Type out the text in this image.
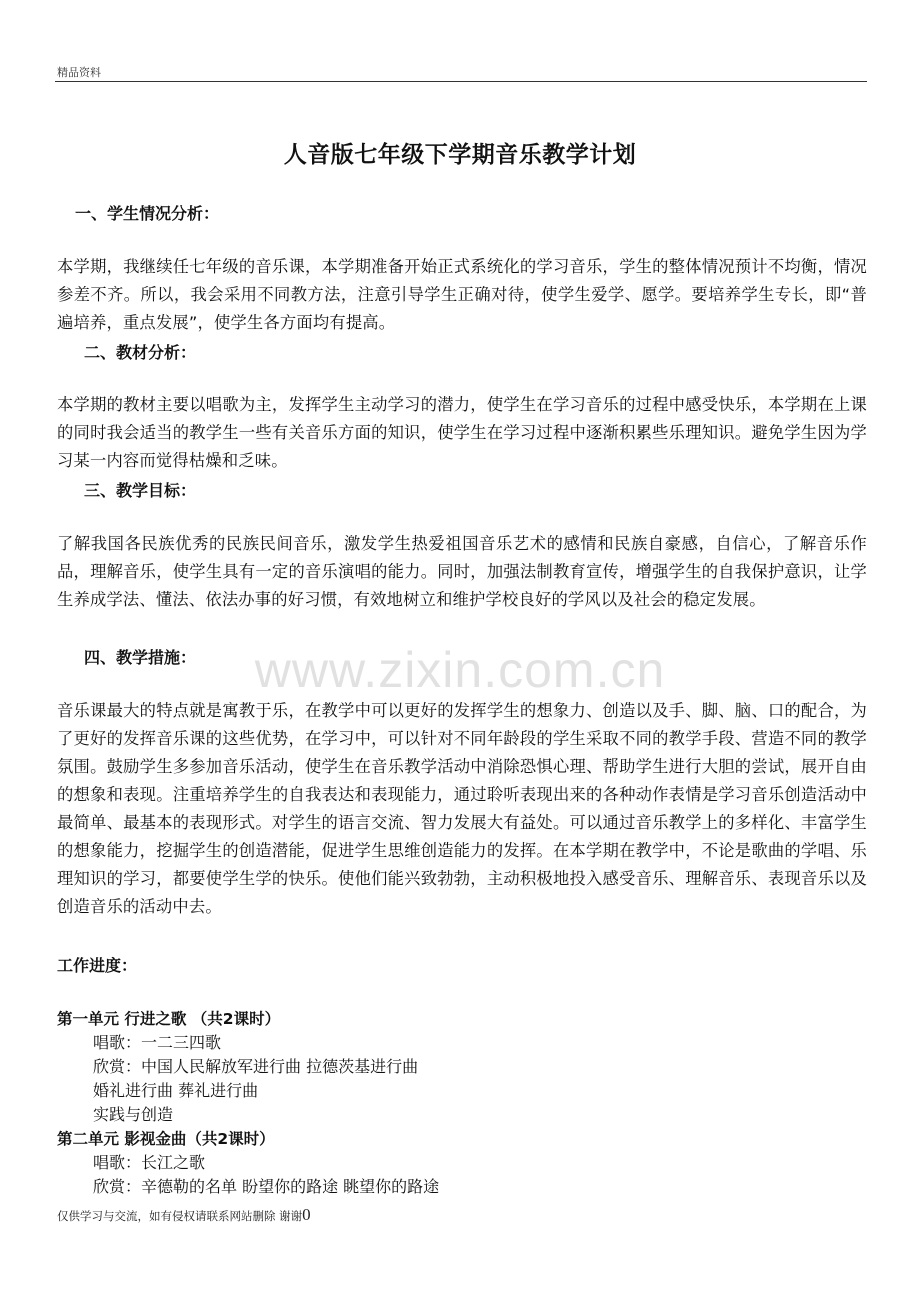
精品资料
人音版七年级下学期音乐教学计划
一、学生情况分析：

本学期，我继续任七年级的音乐课，本学期准备开始正式系统化的学习音乐，学生的整体情况预计不均衡，情况参差不齐。所以，我会采用不同教方法，注意引导学生正确对待，使学生爱学、愿学。要培养学生专长，即“普遍培养，重点发展”，使学生各方面均有提高。

二、教材分析：

本学期的教材主要以唱歌为主，发挥学生主动学习的潜力，使学生在学习音乐的过程中感受快乐，本学期在上课的同时我会适当的教学生一些有关音乐方面的知识，使学生在学习过程中逐渐积累些乐理知识。避免学生因为学习某一内容而觉得枯燥和乏味。

三、教学目标：

了解我国各民族优秀的民族民间音乐，激发学生热爱祖国音乐艺术的感情和民族自豪感，自信心，了解音乐作品，理解音乐，使学生具有一定的音乐演唱的能力。同时，加强法制教育宣传，增强学生的自我保护意识，让学生养成学法、懂法、依法办事的好习惯，有效地树立和维护学校良好的学风以及社会的稳定发展。

四、教学措施：

音乐课最大的特点就是寓教于乐，在教学中可以更好的发挥学生的想象力、创造以及手、脚、脑、口的配合，为了更好的发挥音乐课的这些优势，在学习中，可以针对不同年龄段的学生采取不同的教学手段、营造不同的教学氛围。鼓励学生多参加音乐活动，使学生在音乐教学活动中消除恐惧心理、帮助学生进行大胆的尝试，展开自由的想象和表现。注重培养学生的自我表达和表现能力，通过聆听表现出来的各种动作表情是学习音乐创造活动中最简单、最基本的表现形式。对学生的语言交流、智力发展大有益处。可以通过音乐教学上的多样化、丰富学生的想象能力，挖掘学生的创造潜能，促进学生思维创造能力的发挥。在本学期在教学中，不论是歌曲的学唱、乐理知识的学习，都要使学生学的快乐。使他们能兴致勃勃，主动积极地投入感受音乐、理解音乐、表现音乐以及创造音乐的活动中去。

www.zixin.com.cn
工作进度：
第一单元 行进之歌 （共2课时）
唱歌：一二三四歌
欣赏：中国人民解放军进行曲 拉德茨基进行曲
婚礼进行曲 葬礼进行曲
实践与创造
第二单元 影视金曲（共2课时）
唱歌：长江之歌
欣赏：辛德勒的名单 盼望你的路途 眺望你的路途
仅供学习与交流，如有侵权请联系网站删除 谢谢0
